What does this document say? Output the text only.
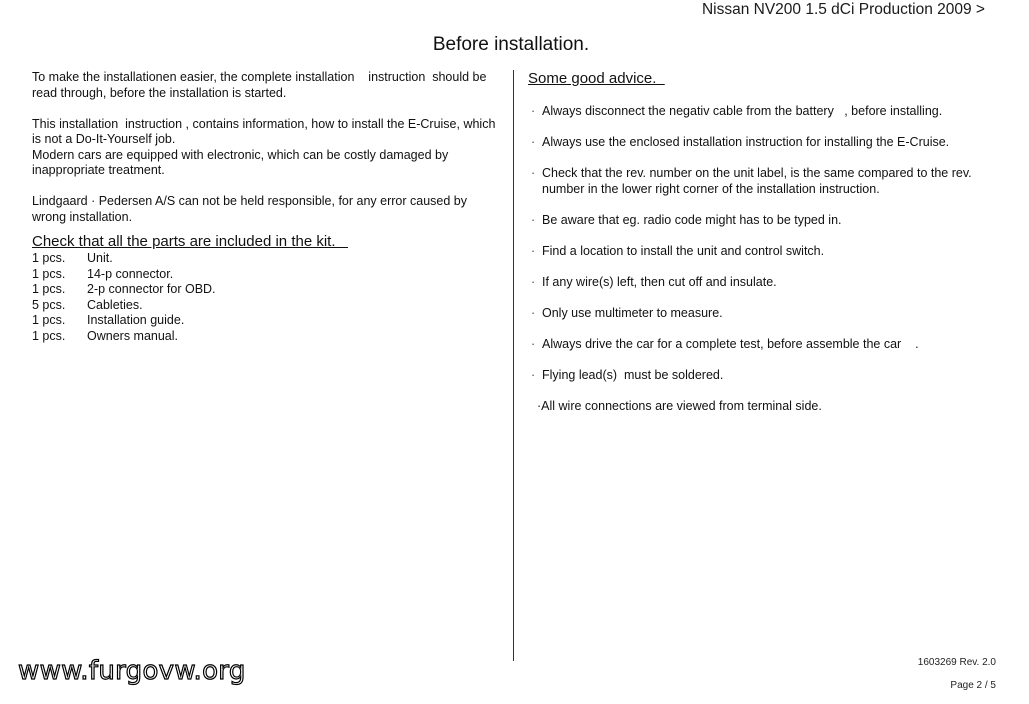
Nissan NV200 1.5 dCi Production 2009 >
Before installation.

To make the installationen easier, the complete installation    instruction  should be read through, before the installation is started.

This installation  instruction , contains information, how to install the E-Cruise, which is not a Do-It-Yourself job.

Modern cars are equipped with electronic, which can be costly damaged by inappropriate treatment.

Lindgaard · Pedersen A/S can not be held responsible, for any error caused by wrong installation.

Check that all the parts are included in the kit.
1 pcs.	Unit.
1 pcs.	14-p connector.
1 pcs.	2-p connector for OBD.
5 pcs.	Cableties.
1 pcs.	Installation guide.
1 pcs.	Owners manual.
Some good advice.
· Always disconnect the negativ cable from the battery   , before installing.
· Always use the enclosed installation instruction for installing the E-Cruise.
· Check that the rev. number on the unit label, is the same compared to the rev. number in the lower right corner of the installation instruction.
· Be aware that eg. radio code might has to be typed in.
· Find a location to install the unit and control switch.
· If any wire(s) left, then cut off and insulate.
· Only use multimeter to measure.
· Always drive the car for a complete test, before assemble the car    .
· Flying lead(s)  must be soldered.
·All wire connections are viewed from terminal side.
www.furgovw.org	1603269 Rev. 2.0
Page 2 / 5
